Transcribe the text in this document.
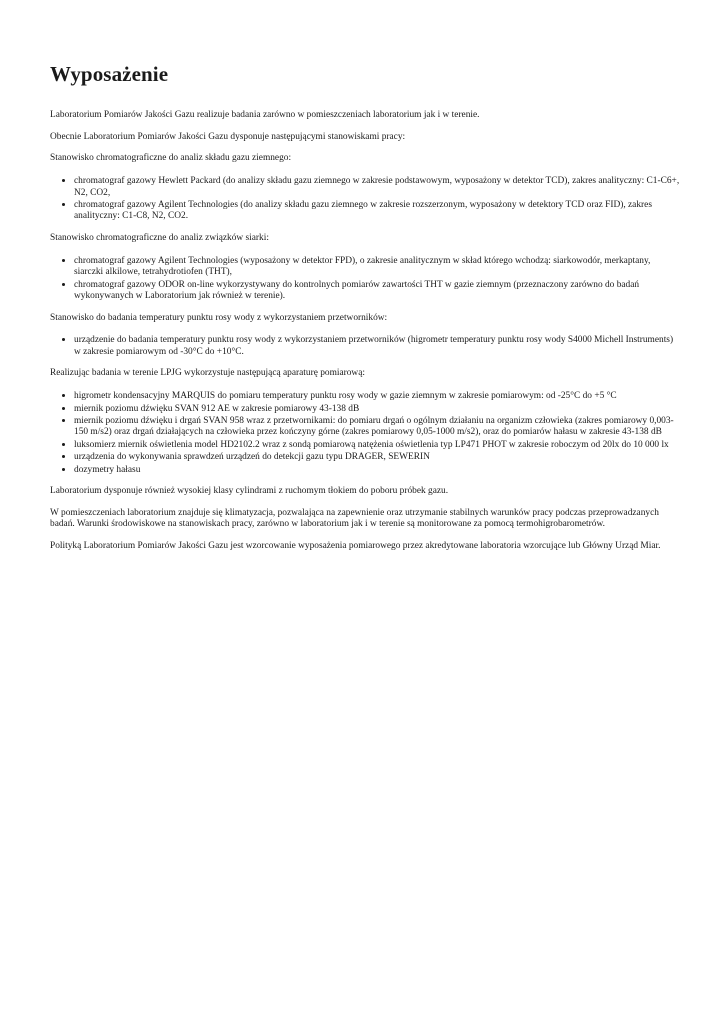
Wyposażenie

Laboratorium Pomiarów Jakości Gazu realizuje badania zarówno w pomieszczeniach laboratorium jak i w terenie.

Obecnie Laboratorium Pomiarów Jakości Gazu dysponuje następującymi stanowiskami pracy:

Stanowisko chromatograficzne do analiz składu gazu ziemnego:

• chromatograf gazowy Hewlett Packard (do analizy składu gazu ziemnego w zakresie podstawowym, wyposażony w detektor TCD), zakres analityczny: C1-C6+, N2, CO2,
• chromatograf gazowy Agilent Technologies (do analizy składu gazu ziemnego w zakresie rozszerzonym, wyposażony w detektory TCD oraz FID), zakres analityczny: C1-C8, N2, CO2.

Stanowisko chromatograficzne do analiz związków siarki:

• chromatograf gazowy Agilent Technologies (wyposażony w detektor FPD), o zakresie analitycznym w skład którego wchodzą: siarkowodór, merkaptany, siarczki alkilowe, tetrahydrotiofen (THT),
• chromatograf gazowy ODOR on-line wykorzystywany do kontrolnych pomiarów zawartości THT w gazie ziemnym (przeznaczony zarówno do badań wykonywanych w Laboratorium jak również w terenie).

Stanowisko do badania temperatury punktu rosy wody z wykorzystaniem przetworników:

• urządzenie do badania temperatury punktu rosy wody z wykorzystaniem przetworników (higrometr temperatury punktu rosy wody S4000 Michell Instruments) w zakresie pomiarowym od -30°C do +10°C.

Realizując badania w terenie LPJG wykorzystuje następującą aparaturę pomiarową:

• higrometr kondensacyjny MARQUIS do pomiaru temperatury punktu rosy wody w gazie ziemnym w zakresie pomiarowym: od -25°C do +5 °C
• miernik poziomu dźwięku SVAN 912 AE w zakresie pomiarowy 43-138 dB
• miernik poziomu dźwięku i drgań SVAN 958 wraz z przetwornikami: do pomiaru drgań o ogólnym działaniu na organizm człowieka (zakres pomiarowy 0,003-150 m/s2) oraz drgań działających na człowieka przez kończyny górne (zakres pomiarowy 0,05-1000 m/s2), oraz do pomiarów hałasu w zakresie 43-138 dB
• luksomierz miernik oświetlenia model HD2102.2 wraz z sondą pomiarową natężenia oświetlenia typ LP471 PHOT w zakresie roboczym od 20lx do 10 000 lx
• urządzenia do wykonywania sprawdzeń urządzeń do detekcji gazu typu DRAGER, SEWERIN
• dozymetry hałasu

Laboratorium dysponuje również wysokiej klasy cylindrami z ruchomym tłokiem do poboru próbek gazu.

W pomieszczeniach laboratorium znajduje się klimatyzacja, pozwalająca na zapewnienie oraz utrzymanie stabilnych warunków pracy podczas przeprowadzanych badań. Warunki środowiskowe na stanowiskach pracy, zarówno w laboratorium jak i w terenie są monitorowane za pomocą termohigrobarometrów.

Polityką Laboratorium Pomiarów Jakości Gazu jest wzorcowanie wyposażenia pomiarowego przez akredytowane laboratoria wzorcujące lub Główny Urząd Miar.
